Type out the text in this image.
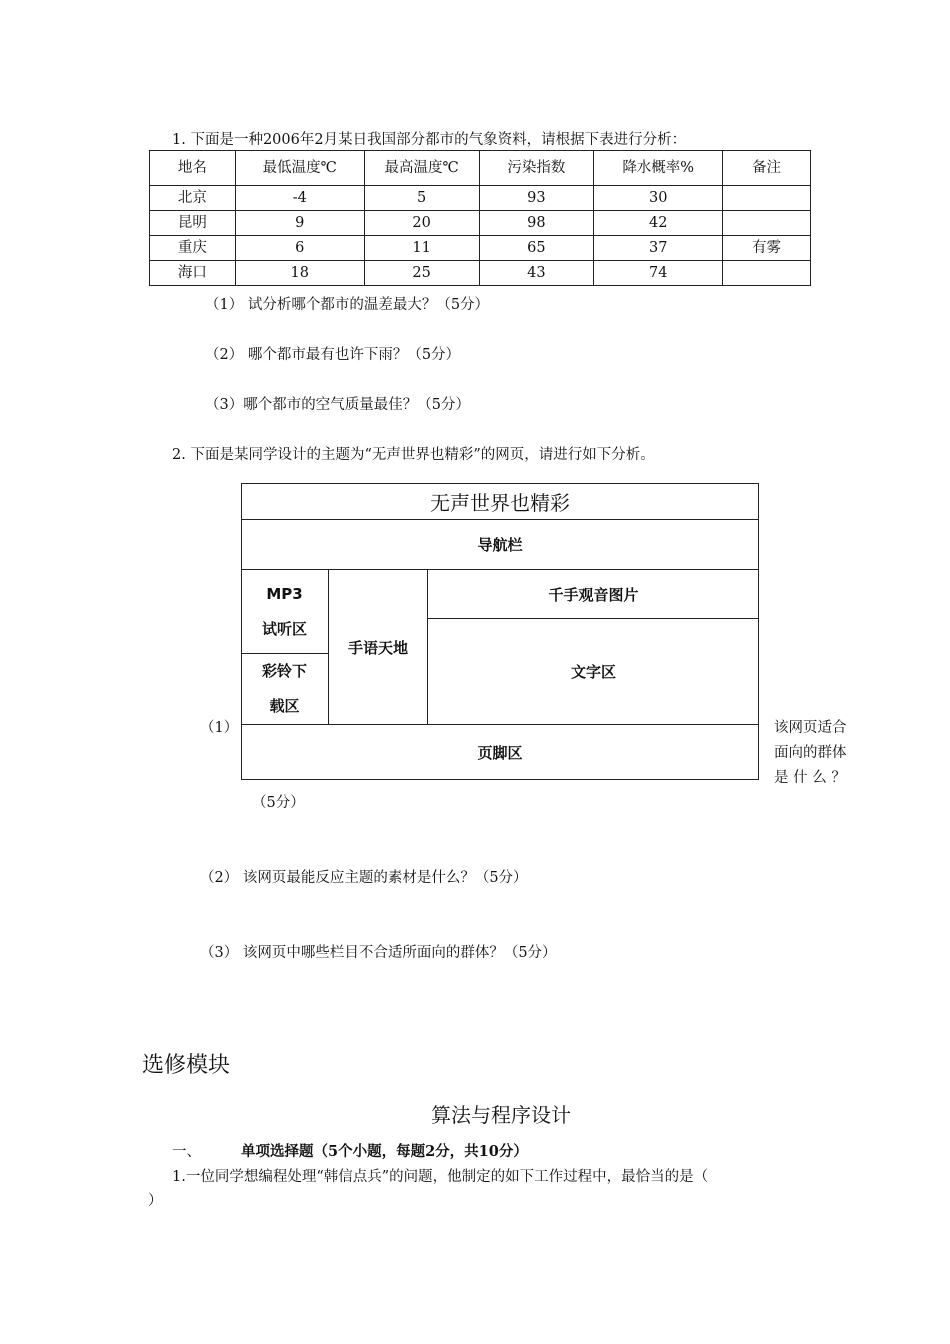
1. 下面是一种2006年2月某日我国部分都市的气象资料，请根据下表进行分析：
地名	最低温度℃	最高温度℃	污染指数	降水概率%	备注
北京	-4	5	93	30	
昆明	9	20	98	42	
重庆	6	11	65	37	有雾
海口	18	25	43	74	
（1） 试分析哪个都市的温差最大？（5分）
（2） 哪个都市最有也许下雨？（5分）
（3）哪个都市的空气质量最佳？（5分）
2. 下面是某同学设计的主题为“无声世界也精彩”的网页，请进行如下分析。
无声世界也精彩
导航栏
MP3
试听区
彩铃下
载区
手语天地
千手观音图片
文字区
页脚区
（1）	该网页适合
面向的群体
是 什 么 ？
（5分）
（2） 该网页最能反应主题的素材是什么？（5分）
（3） 该网页中哪些栏目不合适所面向的群体？（5分）
选修模块
算法与程序设计
一、	单项选择题（5个小题，每题2分，共10分）
1.一位同学想编程处理“韩信点兵”的问题，他制定的如下工作过程中，最恰当的是（
）
